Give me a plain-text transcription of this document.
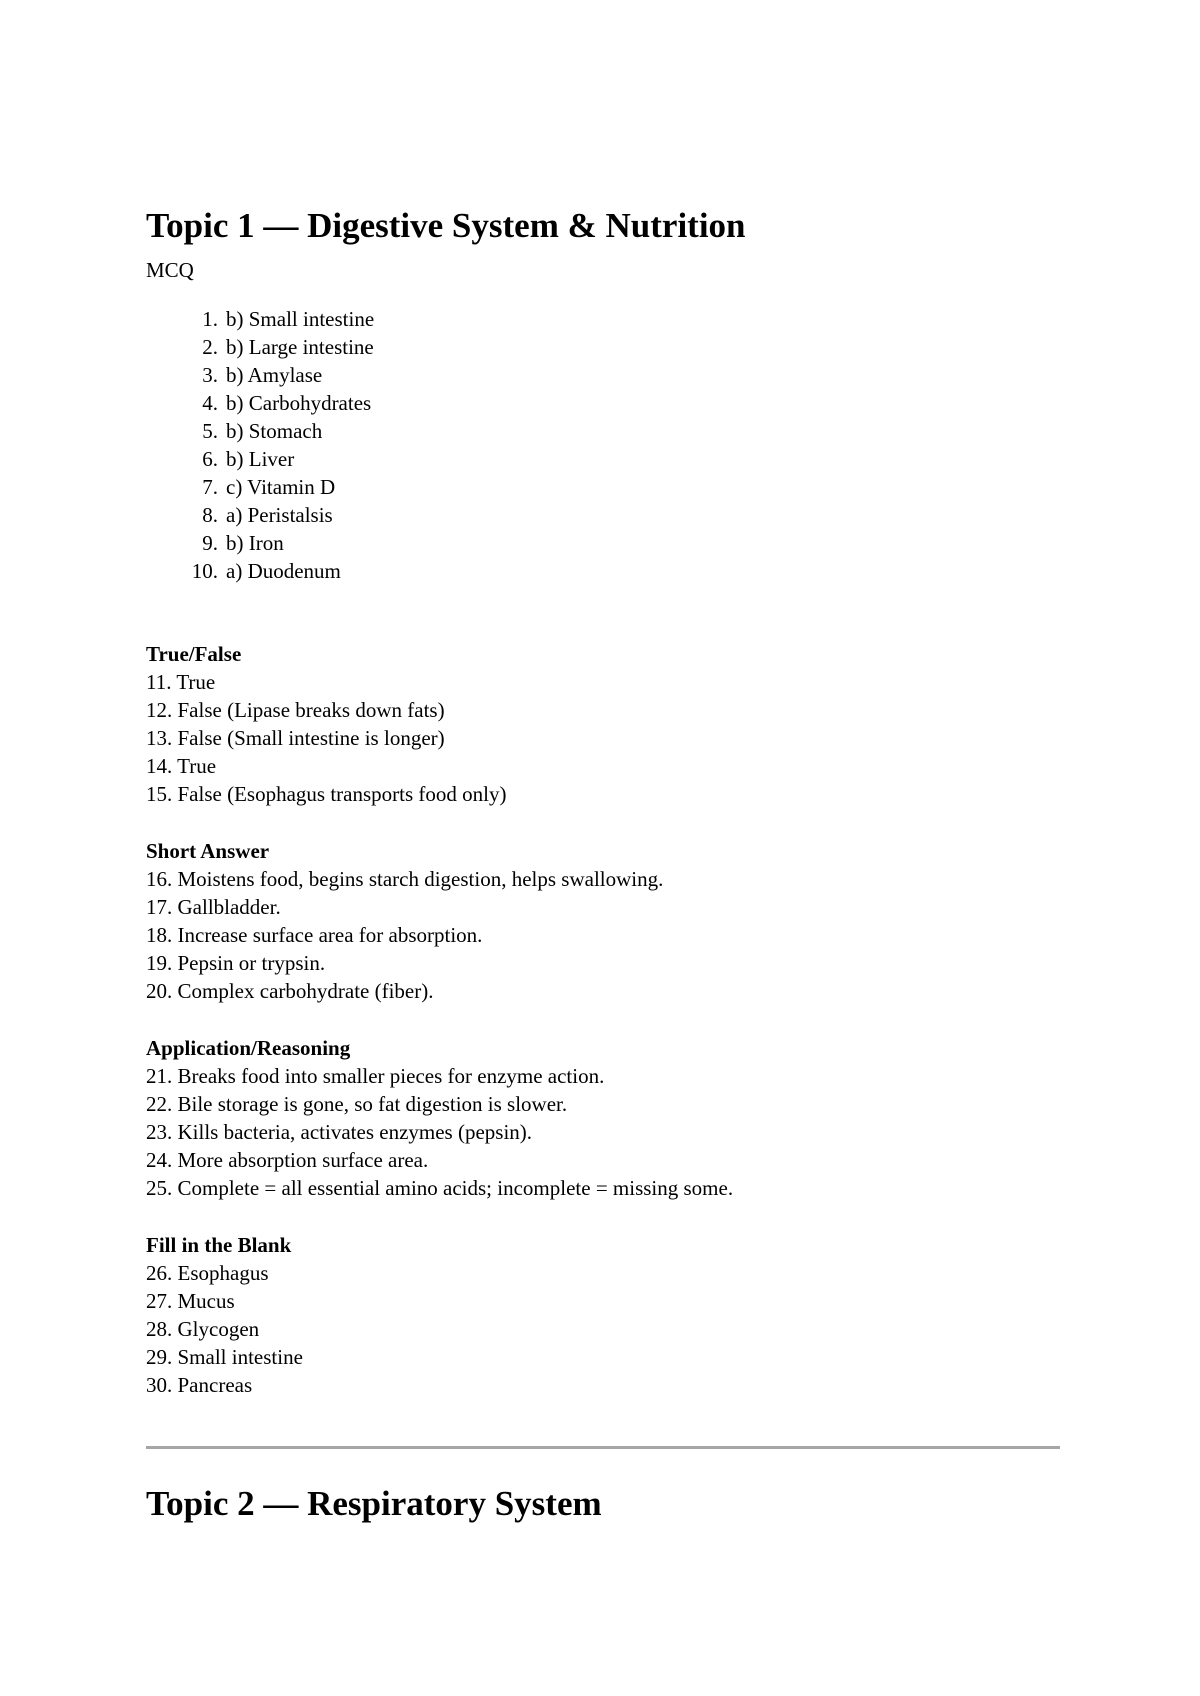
Topic 1 — Digestive System & Nutrition
MCQ
1. b) Small intestine
2. b) Large intestine
3. b) Amylase
4. b) Carbohydrates
5. b) Stomach
6. b) Liver
7. c) Vitamin D
8. a) Peristalsis
9. b) Iron
10. a) Duodenum
True/False
11. True
12. False (Lipase breaks down fats)
13. False (Small intestine is longer)
14. True
15. False (Esophagus transports food only)
Short Answer
16. Moistens food, begins starch digestion, helps swallowing.
17. Gallbladder.
18. Increase surface area for absorption.
19. Pepsin or trypsin.
20. Complex carbohydrate (fiber).
Application/Reasoning
21. Breaks food into smaller pieces for enzyme action.
22. Bile storage is gone, so fat digestion is slower.
23. Kills bacteria, activates enzymes (pepsin).
24. More absorption surface area.
25. Complete = all essential amino acids; incomplete = missing some.
Fill in the Blank
26. Esophagus
27. Mucus
28. Glycogen
29. Small intestine
30. Pancreas
Topic 2 — Respiratory System
